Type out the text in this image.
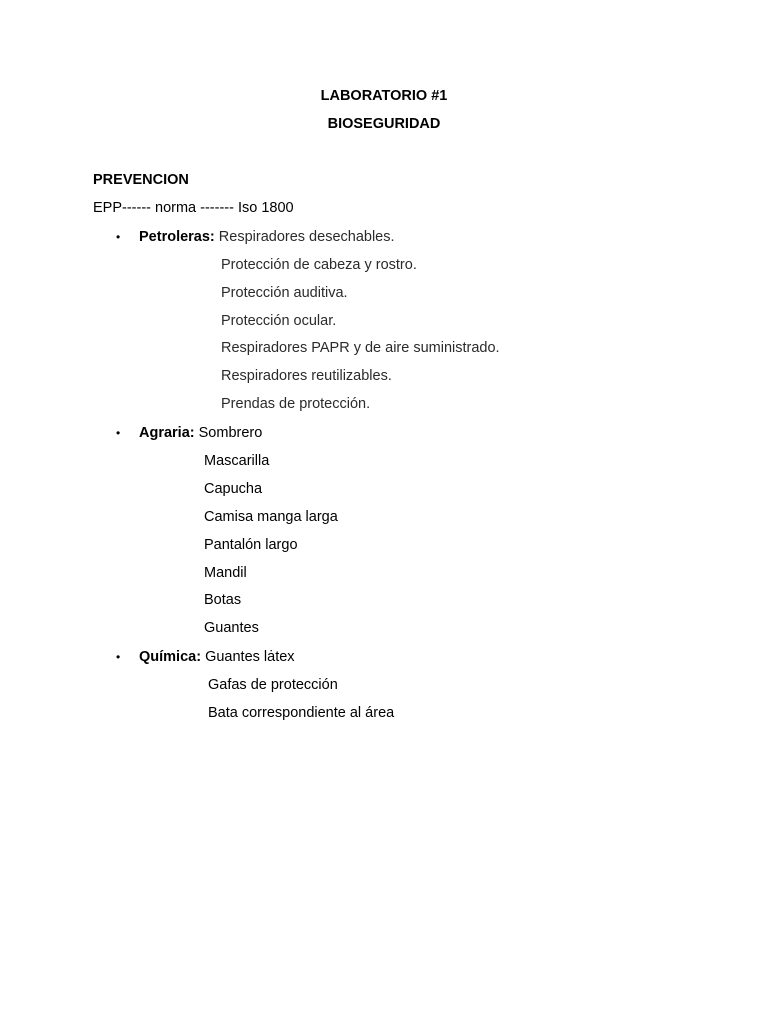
LABORATORIO #1
BIOSEGURIDAD
PREVENCION
EPP------ norma ------- Iso 1800
• Petroleras: Respiradores desechables.
Protección de cabeza y rostro.
Protección auditiva.
Protección ocular.
Respiradores PAPR y de aire suministrado.
Respiradores reutilizables.
Prendas de protección.
• Agraria: Sombrero
Mascarilla
Capucha
Camisa manga larga
Pantalón largo
Mandil
Botas
Guantes
• Química: Guantes lȧtex
Gafas de protección
Bata correspondiente al área
